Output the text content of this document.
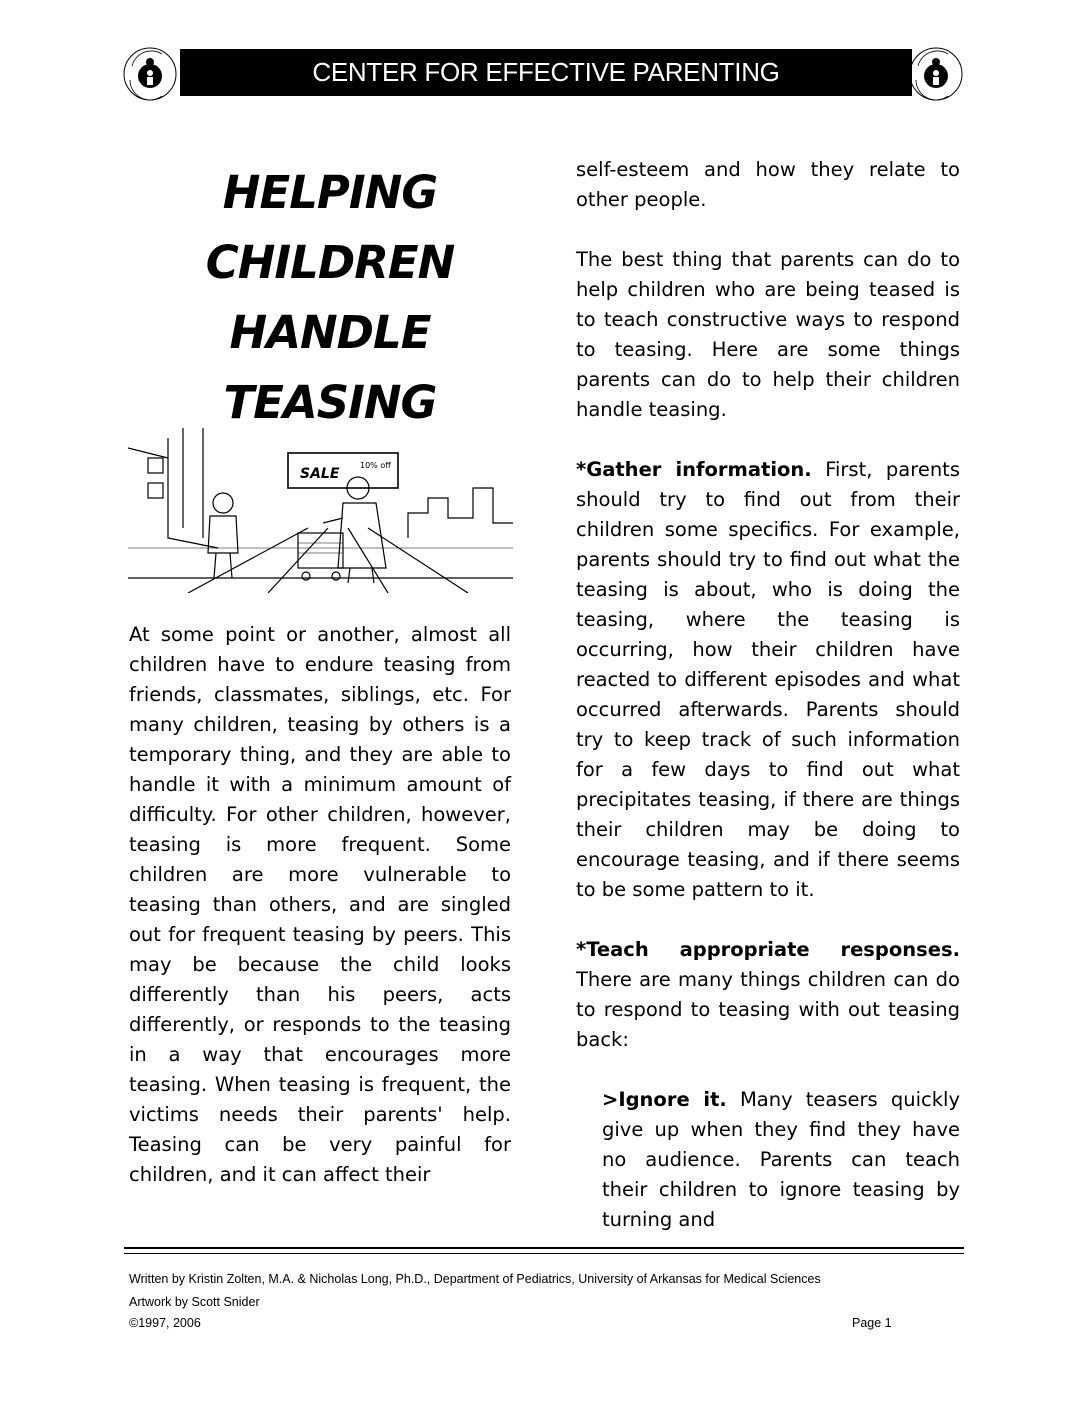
CENTER FOR EFFECTIVE PARENTING
HELPING
CHILDREN
HANDLE
TEASING
SALE
10% off

At some point or another, almost all children have to endure teasing from friends, classmates, siblings, etc. For many children, teasing by others is a temporary thing, and they are able to handle it with a minimum amount of difficulty. For other children, however, teasing is more frequent. Some children are more vulnerable to teasing than others, and are singled out for frequent teasing by peers. This may be because the child looks differently than his peers, acts differently, or responds to the teasing in a way that encourages more teasing. When teasing is frequent, the victims needs their parents' help. Teasing can be very painful for children, and it can affect their

self-esteem and how they relate to other people.

The best thing that parents can do to help children who are being teased is to teach constructive ways to respond to teasing. Here are some things parents can do to help their children handle teasing.

*Gather information. First, parents should try to find out from their children some specifics. For example, parents should try to find out what the teasing is about, who is doing the teasing, where the teasing is occurring, how their children have reacted to different episodes and what occurred afterwards. Parents should try to keep track of such information for a few days to find out what precipitates teasing, if there are things their children may be doing to encourage teasing, and if there seems to be some pattern to it.

*Teach appropriate responses. There are many things children can do to respond to teasing with out teasing back:

>Ignore it. Many teasers quickly give up when they find they have no audience. Parents can teach their children to ignore teasing by turning and

Written by Kristin Zolten, M.A. & Nicholas Long, Ph.D., Department of Pediatrics, University of Arkansas for Medical Sciences
Artwork by Scott Snider
©1997, 2006	Page 1
